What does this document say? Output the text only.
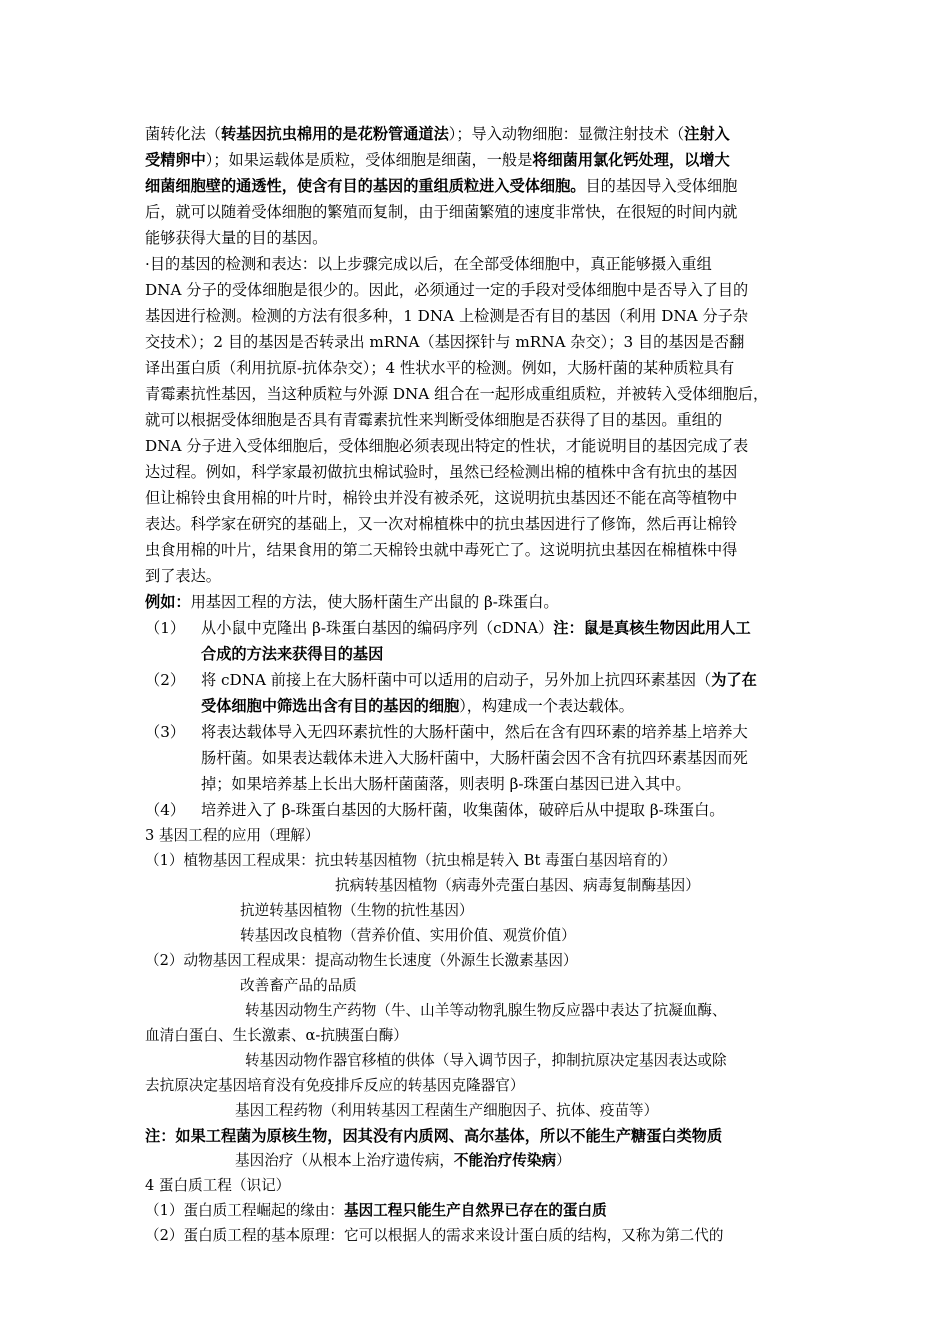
菌转化法（转基因抗虫棉用的是花粉管通道法）；导入动物细胞：显微注射技术（注射入
受精卵中）；如果运载体是质粒，受体细胞是细菌，一般是将细菌用氯化钙处理，以增大
细菌细胞壁的通透性，使含有目的基因的重组质粒进入受体细胞。目的基因导入受体细胞
后，就可以随着受体细胞的繁殖而复制，由于细菌繁殖的速度非常快，在很短的时间内就
能够获得大量的目的基因。
·目的基因的检测和表达：以上步骤完成以后，在全部受体细胞中，真正能够摄入重组
DNA 分子的受体细胞是很少的。因此，必须通过一定的手段对受体细胞中是否导入了目的
基因进行检测。检测的方法有很多种，1 DNA 上检测是否有目的基因（利用 DNA 分子杂
交技术）；2 目的基因是否转录出 mRNA（基因探针与 mRNA 杂交）；3 目的基因是否翻
译出蛋白质（利用抗原-抗体杂交）；4 性状水平的检测。例如，大肠杆菌的某种质粒具有
青霉素抗性基因，当这种质粒与外源 DNA 组合在一起形成重组质粒，并被转入受体细胞后，
就可以根据受体细胞是否具有青霉素抗性来判断受体细胞是否获得了目的基因。重组的
DNA 分子进入受体细胞后，受体细胞必须表现出特定的性状，才能说明目的基因完成了表
达过程。例如，科学家最初做抗虫棉试验时，虽然已经检测出棉的植株中含有抗虫的基因
但让棉铃虫食用棉的叶片时，棉铃虫并没有被杀死，这说明抗虫基因还不能在高等植物中
表达。科学家在研究的基础上，又一次对棉植株中的抗虫基因进行了修饰，然后再让棉铃
虫食用棉的叶片，结果食用的第二天棉铃虫就中毒死亡了。这说明抗虫基因在棉植株中得
到了表达。
例如：用基因工程的方法，使大肠杆菌生产出鼠的 β-珠蛋白。
（1） 从小鼠中克隆出 β-珠蛋白基因的编码序列（cDNA）注：鼠是真核生物因此用人工
合成的方法来获得目的基因
（2） 将 cDNA 前接上在大肠杆菌中可以适用的启动子，另外加上抗四环素基因（为了在
受体细胞中筛选出含有目的基因的细胞），构建成一个表达载体。
（3） 将表达载体导入无四环素抗性的大肠杆菌中，然后在含有四环素的培养基上培养大
肠杆菌。如果表达载体未进入大肠杆菌中，大肠杆菌会因不含有抗四环素基因而死
掉；如果培养基上长出大肠杆菌菌落，则表明 β-珠蛋白基因已进入其中。
（4） 培养进入了 β-珠蛋白基因的大肠杆菌，收集菌体，破碎后从中提取 β-珠蛋白。
3 基因工程的应用（理解）
（1）植物基因工程成果：抗虫转基因植物（抗虫棉是转入 Bt 毒蛋白基因培育的）
抗病转基因植物（病毒外壳蛋白基因、病毒复制酶基因）
抗逆转基因植物（生物的抗性基因）
转基因改良植物（营养价值、实用价值、观赏价值）
（2）动物基因工程成果：提高动物生长速度（外源生长激素基因）
改善畜产品的品质
转基因动物生产药物（牛、山羊等动物乳腺生物反应器中表达了抗凝血酶、
血清白蛋白、生长激素、α-抗胰蛋白酶）
转基因动物作器官移植的供体（导入调节因子，抑制抗原决定基因表达或除
去抗原决定基因培育没有免疫排斥反应的转基因克隆器官）
基因工程药物（利用转基因工程菌生产细胞因子、抗体、疫苗等）
注：如果工程菌为原核生物，因其没有内质网、高尔基体，所以不能生产糖蛋白类物质
基因治疗（从根本上治疗遗传病，不能治疗传染病）
4 蛋白质工程（识记）
（1）蛋白质工程崛起的缘由：基因工程只能生产自然界已存在的蛋白质
（2）蛋白质工程的基本原理：它可以根据人的需求来设计蛋白质的结构，又称为第二代的
